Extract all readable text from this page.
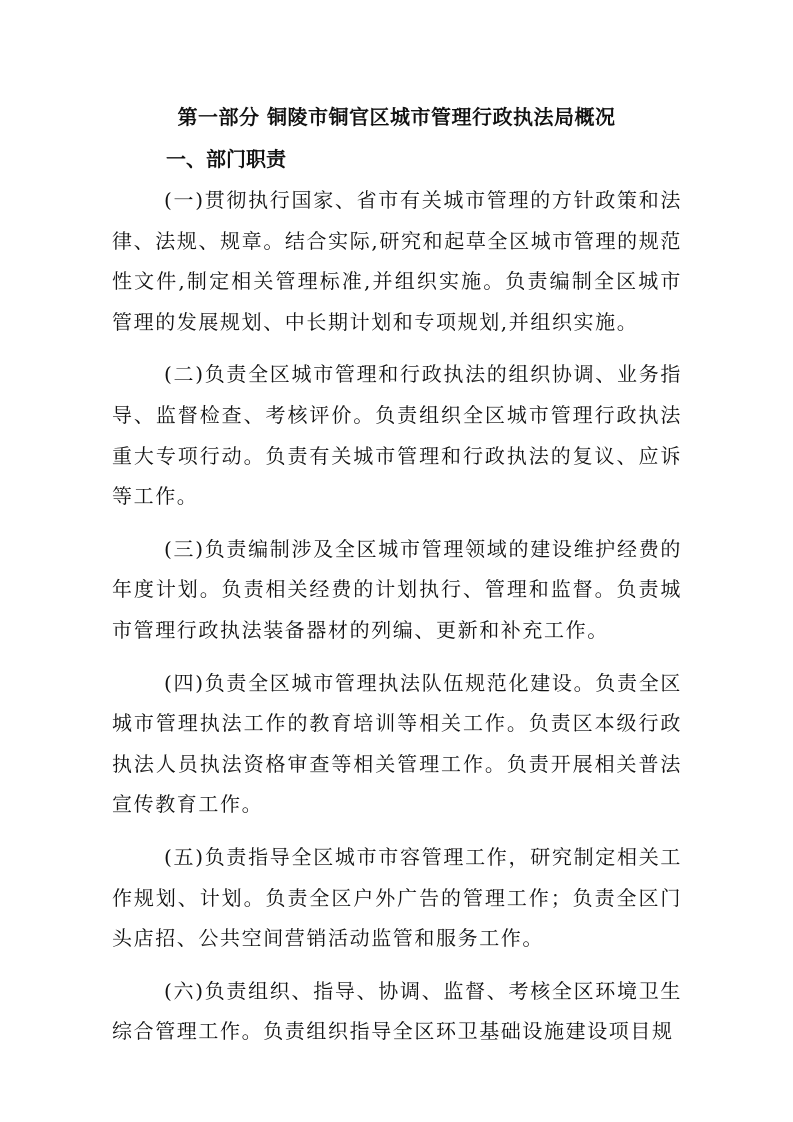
第一部分 铜陵市铜官区城市管理行政执法局概况
一、部门职责

(一)贯彻执行国家、省市有关城市管理的方针政策和法律、法规、规章。结合实际,研究和起草全区城市管理的规范性文件,制定相关管理标准,并组织实施。负责编制全区城市管理的发展规划、中长期计划和专项规划,并组织实施。

(二)负责全区城市管理和行政执法的组织协调、业务指导、监督检查、考核评价。负责组织全区城市管理行政执法重大专项行动。负责有关城市管理和行政执法的复议、应诉等工作。

(三)负责编制涉及全区城市管理领域的建设维护经费的年度计划。负责相关经费的计划执行、管理和监督。负责城市管理行政执法装备器材的列编、更新和补充工作。

(四)负责全区城市管理执法队伍规范化建设。负责全区城市管理执法工作的教育培训等相关工作。负责区本级行政执法人员执法资格审查等相关管理工作。负责开展相关普法宣传教育工作。

(五)负责指导全区城市市容管理工作，研究制定相关工作规划、计划。负责全区户外广告的管理工作；负责全区门头店招、公共空间营销活动监管和服务工作。

(六)负责组织、指导、协调、监督、考核全区环境卫生综合管理工作。负责组织指导全区环卫基础设施建设项目规
